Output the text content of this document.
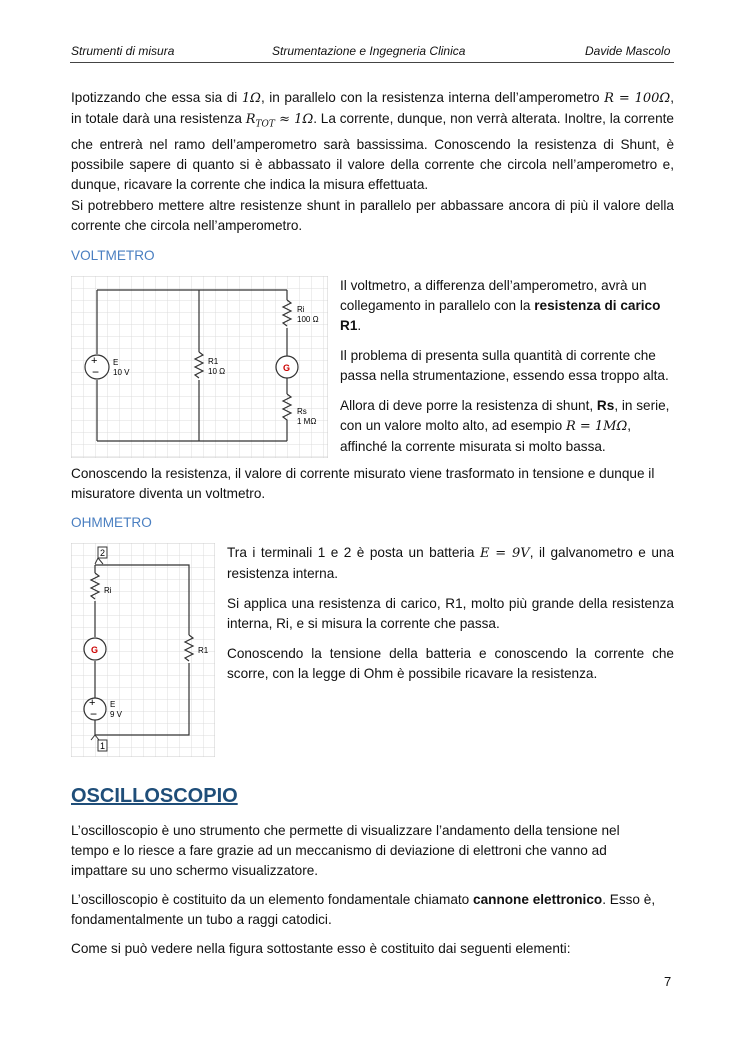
Strumenti di misura	Strumentazione e Ingegneria Clinica	Davide Mascolo
Ipotizzando che essa sia di 1Ω, in parallelo con la resistenza interna dell’amperometro R = 100Ω, in totale darà una resistenza $R_{TOT} \approx 1\Omega$. La corrente, dunque, non verrà alterata. Inoltre, la corrente che entrerà nel ramo dell’amperometro sarà bassissima. Conoscendo la resistenza di Shunt, è possibile sapere di quanto si è abbassato il valore della corrente che circola nell’amperometro e, dunque, ricavare la corrente che indica la misura effettuata.
Si potrebbero mettere altre resistenze shunt in parallelo per abbassare ancora di più il valore della corrente che circola nell’amperometro.
VOLTMETRO
+
−
E
10 V
R1
10 Ω
Ri
100 Ω
G
Rs
1 MΩ

Il voltmetro, a differenza dell’amperometro, avrà un collegamento in parallelo con la resistenza di carico R1.

Il problema di presenta sulla quantità di corrente che passa nella strumentazione, essendo essa troppo alta.

Allora di deve porre la resistenza di shunt, Rs, in serie, con un valore molto alto, ad esempio R = 1MΩ, affinché la corrente misurata si molto bassa.

Conoscendo la resistenza, il valore di corrente misurato viene trasformato in tensione e dunque il misuratore diventa un voltmetro.
OHMMETRO
2
Ri
G	R1
+
−
E
9 V
1

Tra i terminali 1 e 2 è posta un batteria E = 9V, il galvanometro e una resistenza interna.

Si applica una resistenza di carico, R1, molto più grande della resistenza interna, Ri, e si misura la corrente che passa.

Conoscendo la tensione della batteria e conoscendo la corrente che scorre, con la legge di Ohm è possibile ricavare la resistenza.

OSCILLOSCOPIO
L’oscilloscopio è uno strumento che permette di visualizzare l’andamento della tensione nel tempo e lo riesce a fare grazie ad un meccanismo di deviazione di elettroni che vanno ad impattare su uno schermo visualizzatore.
L’oscilloscopio è costituito da un elemento fondamentale chiamato cannone elettronico. Esso è, fondamentalmente un tubo a raggi catodici.
Come si può vedere nella figura sottostante esso è costituito dai seguenti elementi:
7
